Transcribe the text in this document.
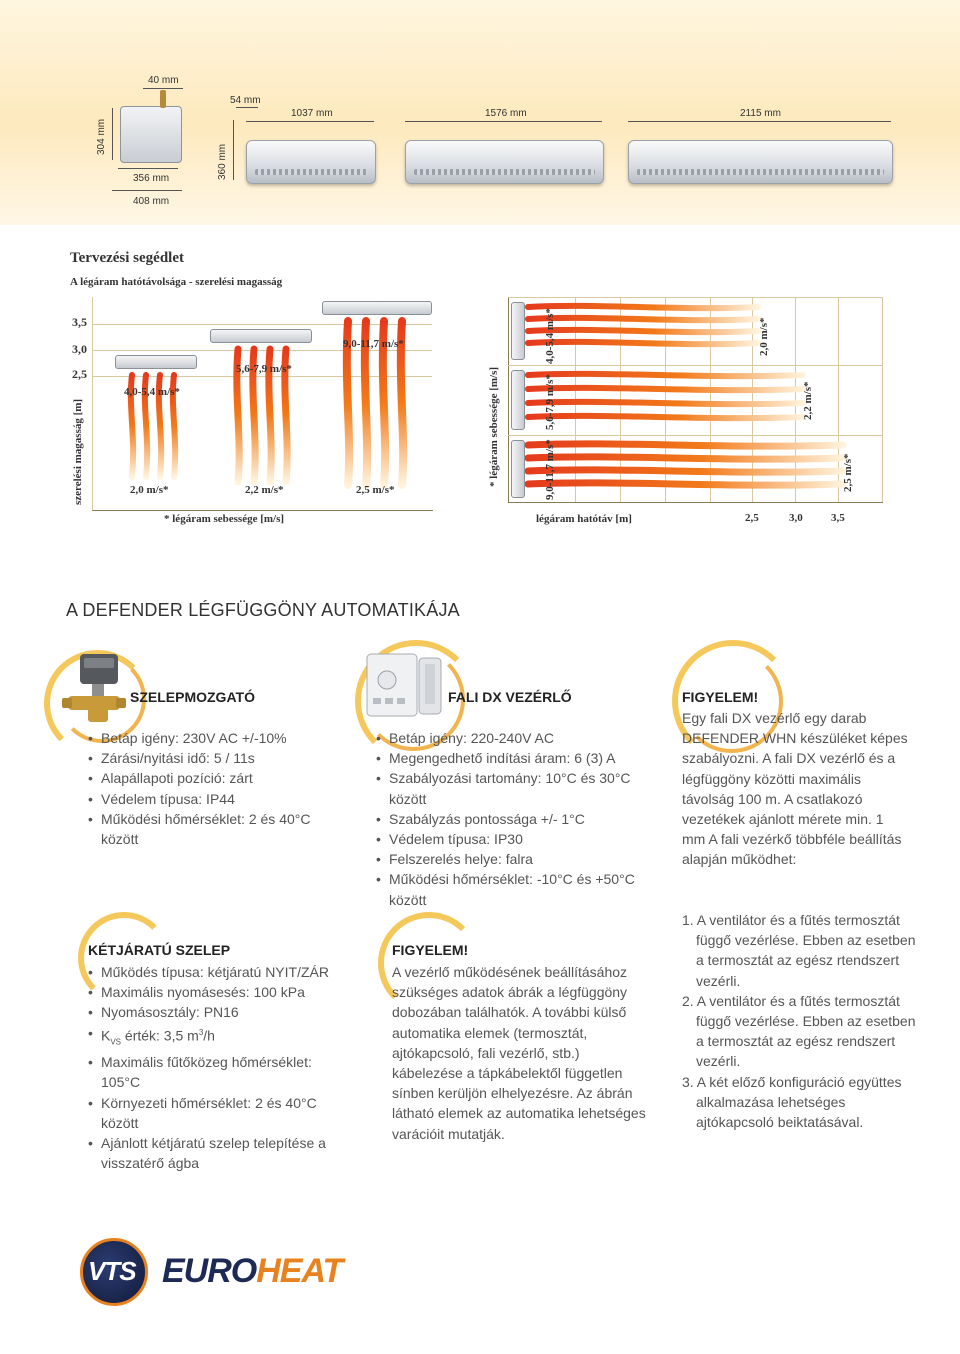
40 mm
304 mm
356 mm
408 mm
54 mm
360 mm
1037 mm	1576 mm	2115 mm
Tervezési segédlet
A légáram hatótávolsága - szerelési magasság
szerelési magasság [m]
3,5
3,0
2,5
4,0-5,4 m/s*
5,6-7,9 m/s*
9,0-11,7 m/s*
2,0 m/s*	2,2 m/s*	2,5 m/s*
* légáram sebessége [m/s]
* légáram sebessége [m/s]	9,0-11,7 m/s*
5,6-7,9 m/s*
4,0-5,4 m/s*	2,0 m/s*
2,2 m/s*
2,5 m/s*
légáram hatótáv [m]	2,5	3,0	3,5
A DEFENDER LÉGFÜGGÖNY AUTOMATIKÁJA
SZELEPMOZGATÓ
• Betáp igény: 230V AC +/-10%
• Zárási/nyitási idő: 5 / 11s
• Alapállapoti pozíció: zárt
• Védelem típusa: IP44
• Működési hőmérséklet: 2 és 40°C között
KÉTJÁRATÚ SZELEP
• Működés típusa: kétjáratú NYIT/ZÁR
• Maximális nyomásesés: 100 kPa
• Nyomásosztály: PN16
• $K_{VS}$ érték: 3,5 $m^3/h$
• Maximális fűtőközeg hőmérséklet: 105°C
• Környezeti hőmérséklet: 2 és 40°C között
• Ajánlott kétjáratú szelep telepítése a visszatérő ágba
FALI DX VEZÉRLŐ
• Betáp igény: 220-240V AC
• Megengedhető indítási áram: 6 (3) A
• Szabályozási tartomány: 10°C és 30°C között
• Szabályzás pontossága +/- 1°C
• Védelem típusa: IP30
• Felszerelés helye: falra
• Működési hőmérséklet: -10°C és +50°C között
FIGYELEM!
A vezérlő működésének beállításához szükséges adatok ábrák a légfüggöny dobozában találhatók. A további külső automatika elemek (termosztát, ajtókapcsoló, fali vezérlő, stb.) kábelezése a tápkábelektől független sínben kerüljön elhelyezésre. Az ábrán látható elemek az automatika lehetséges varációit mutatják.
FIGYELEM!
Egy fali DX vezérlő egy darab DEFENDER WHN készüléket képes szabályozni. A fali DX vezérlő és a légfüggöny közötti maximális távolság 100 m. A csatlakozó vezetékek ajánlott mérete min. 1 mm A fali vezérkő többféle beállítás alapján működhet:
1. A ventilátor és a fűtés termosztát függő vezérlése. Ebben az esetben a termosztát az egész rtendszert vezérli.
2. A ventilátor és a fűtés termosztát függő vezérlése. Ebben az esetben a termosztát az egész rendszert vezérli.
3. A két előző konfiguráció együttes alkalmazása lehetséges ajtókapcsoló beiktatásával.
VTS EUROHEAT
